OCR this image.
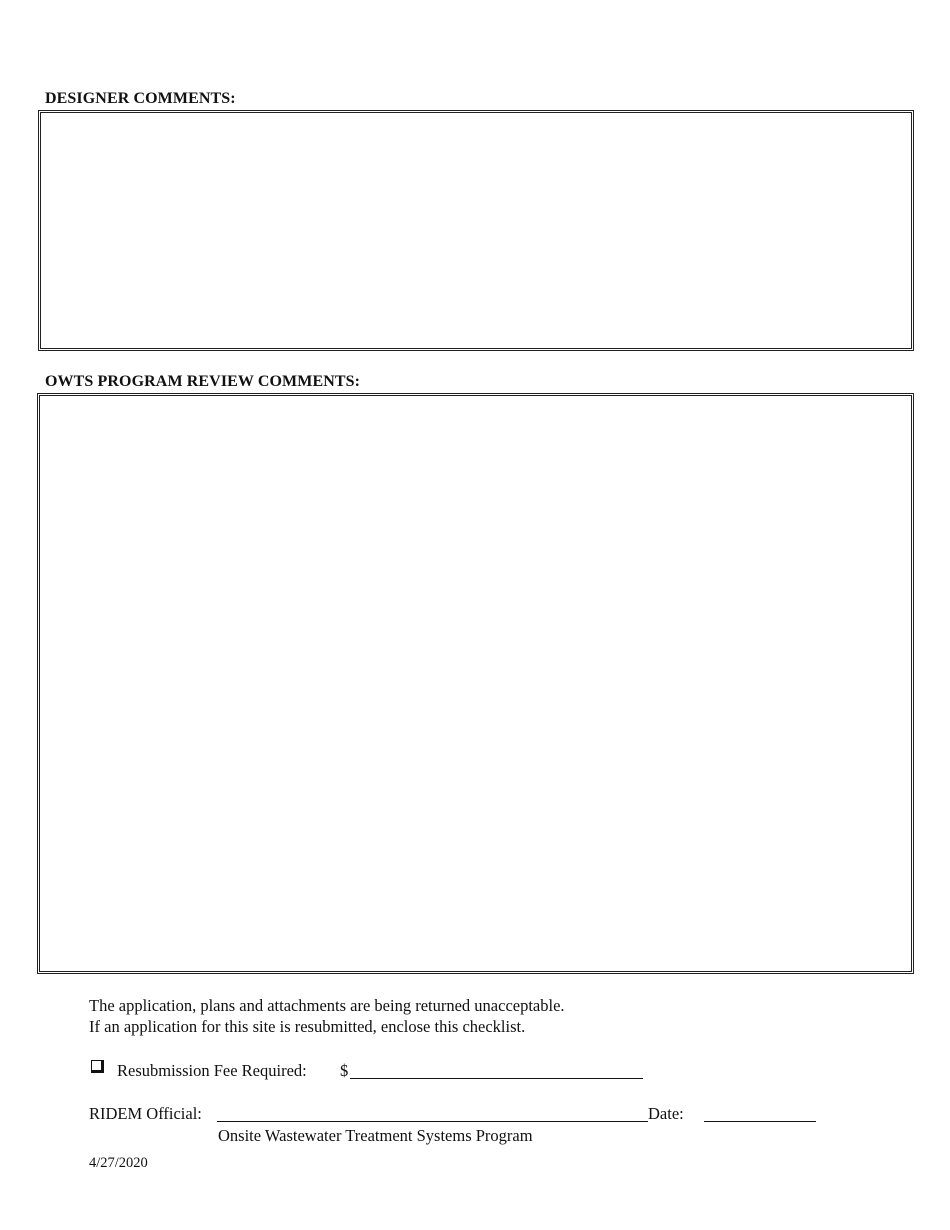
DESIGNER COMMENTS:
OWTS PROGRAM REVIEW COMMENTS:
The application, plans and attachments are being returned unacceptable.
If an application for this site is resubmitted, enclose this checklist.
Resubmission Fee Required: $
RIDEM Official:	Date:
Onsite Wastewater Treatment Systems Program
4/27/2020
